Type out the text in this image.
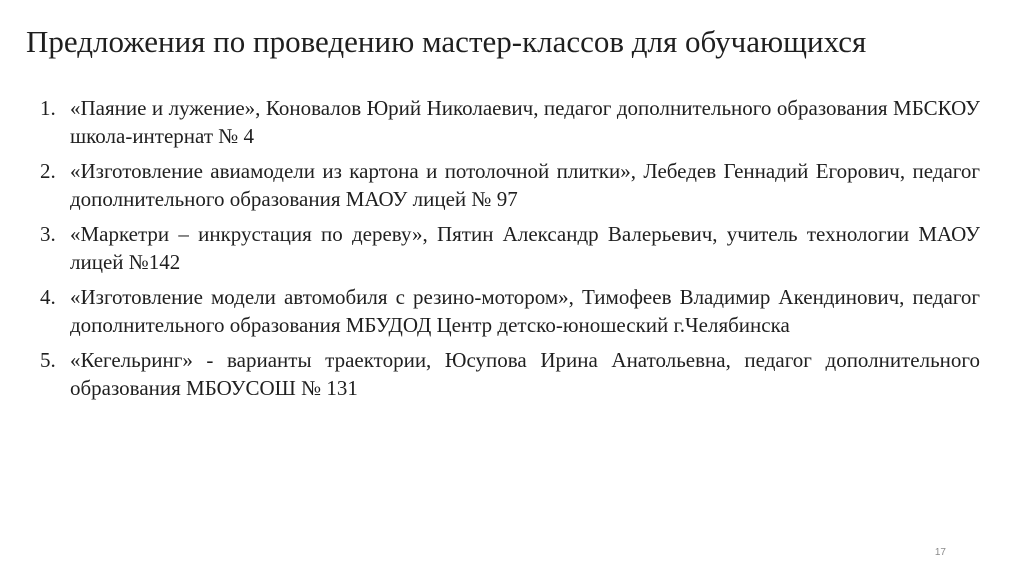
Предложения по проведению мастер-классов для обучающихся
1. «Паяние и лужение», Коновалов Юрий Николаевич, педагог дополнительного образования МБСКОУ школа-интернат № 4
2. «Изготовление авиамодели из картона и потолочной плитки», Лебедев Геннадий Егорович, педагог дополнительного образования МАОУ лицей № 97
3. «Маркетри – инкрустация по дереву», Пятин Александр Валерьевич, учитель технологии МАОУ лицей №142
4. «Изготовление модели автомобиля с резино-мотором», Тимофеев Владимир Акендинович, педагог дополнительного образования МБУДОД Центр детско-юношеский г.Челябинска
5. «Кегельринг» - варианты траектории, Юсупова Ирина Анатольевна, педагог дополнительного образования МБОУСОШ № 131
17
